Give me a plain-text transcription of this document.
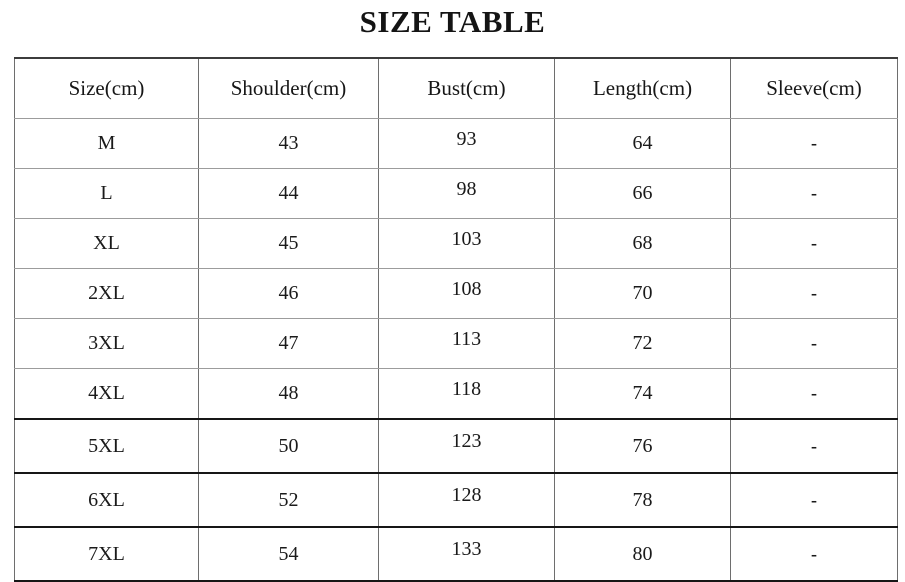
SIZE TABLE
Size(cm)	Shoulder(cm)	Bust(cm)	Length(cm)	Sleeve(cm)
M	43	93	64	-
L	44	98	66	-
XL	45	103	68	-
2XL	46	108	70	-
3XL	47	113	72	-
4XL	48	118	74	-
5XL	50	123	76	-
6XL	52	128	78	-
7XL	54	133	80	-
